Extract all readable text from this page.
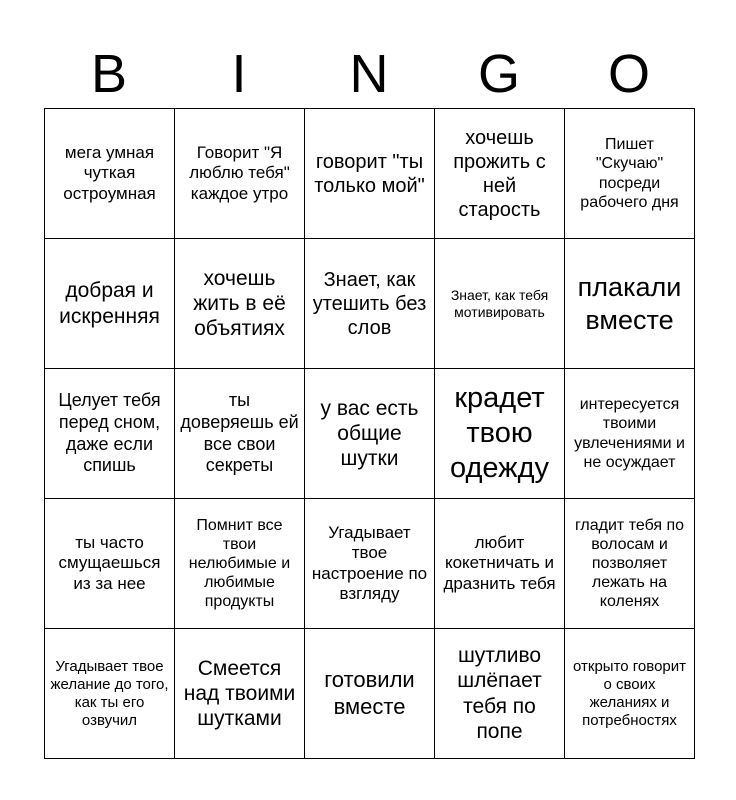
B	I	N	G	O
мега умная чуткая остроумная	Говорит "Я люблю тебя" каждое утро	говорит "ты только мой"	хочешь прожить с ней старость	Пишет "Скучаю" посреди рабочего дня
добрая и искренняя	хочешь жить в её объятиях	Знает, как утешить без слов	Знает, как тебя мотивировать	плакали вместе
Целует тебя перед сном, даже если спишь	ты доверяешь ей все свои секреты	у вас есть общие шутки	крадет твою одежду	интересуется твоими увлечениями и не осуждает
ты часто смущаешься из за нее	Помнит все твои нелюбимые и любимые продукты	Угадывает твое настроение по взгляду	любит кокетничать и дразнить тебя	гладит тебя по волосам и позволяет лежать на коленях
Угадывает твое желание до того, как ты его озвучил	Смеется над твоими шутками	готовили вместе	шутливо шлёпает тебя по попе	открыто говорит о своих желаниях и потребностях
